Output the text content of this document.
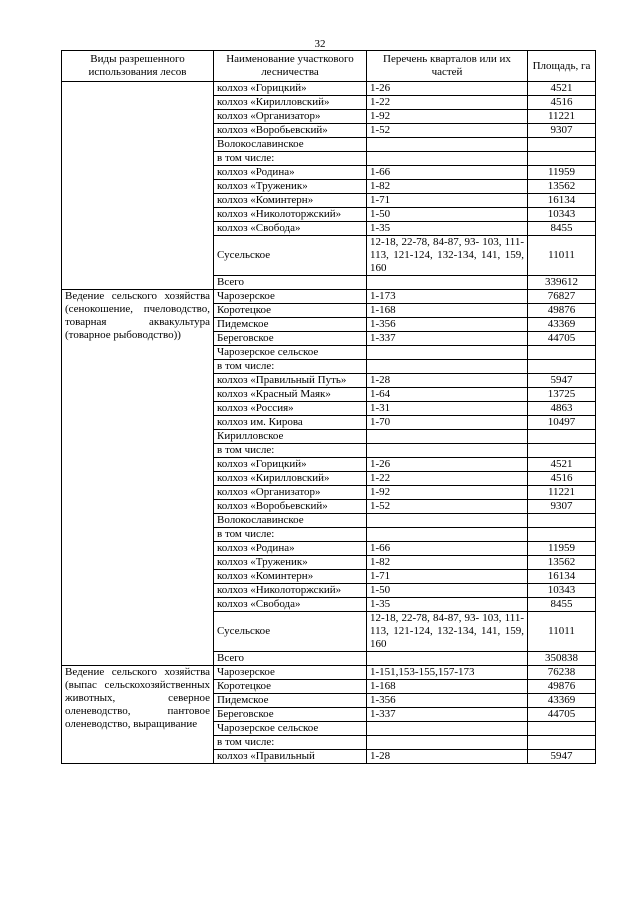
32
Виды разрешенного использования лесов	Наименование участкового лесничества	Перечень кварталов или их частей	Площадь, га
	колхоз «Горицкий»	1-26	4521
	колхоз «Кирилловский»	1-22	4516
	колхоз «Организатор»	1-92	11221
	колхоз «Воробьевский»	1-52	9307
	Волокославинское		
	в том числе:		
	колхоз «Родина»	1-66	11959
	колхоз «Труженик»	1-82	13562
	колхоз «Коминтерн»	1-71	16134
	колхоз «Николоторжский»	1-50	10343
	колхоз «Свобода»	1-35	8455
	Сусельское	12-18, 22-78, 84-87, 93- 103, 111-113, 121-124, 132-134, 141, 159, 160	11011
	Всего		339612
Ведение сельского хозяйства (сенокошение, пчеловодство, товарная аквакультура (товарное рыбоводство))	Чарозерское	1-173	76827
	Коротецкое	1-168	49876
	Пидемское	1-356	43369
	Береговское	1-337	44705
	Чарозерское сельское		
	в том числе:		
	колхоз «Правильный Путь»	1-28	5947
	колхоз «Красный Маяк»	1-64	13725
	колхоз «Россия»	1-31	4863
	колхоз им. Кирова	1-70	10497
	Кирилловское		
	в том числе:		
	колхоз «Горицкий»	1-26	4521
	колхоз «Кирилловский»	1-22	4516
	колхоз «Организатор»	1-92	11221
	колхоз «Воробьевский»	1-52	9307
	Волокославинское		
	в том числе:		
	колхоз «Родина»	1-66	11959
	колхоз «Труженик»	1-82	13562
	колхоз «Коминтерн»	1-71	16134
	колхоз «Николоторжский»	1-50	10343
	колхоз «Свобода»	1-35	8455
	Сусельское	12-18, 22-78, 84-87, 93- 103, 111-113, 121-124, 132-134, 141, 159, 160	11011
	Всего		350838
Ведение сельского хозяйства (выпас сельскохозяйственных животных, северное оленеводство, пантовое оленеводство, выращивание	Чарозерское	1-151,153-155,157-173	76238
	Коротецкое	1-168	49876
	Пидемское	1-356	43369
	Береговское	1-337	44705
	Чарозерское сельское		
	в том числе:		
	колхоз «Правильный	1-28	5947
